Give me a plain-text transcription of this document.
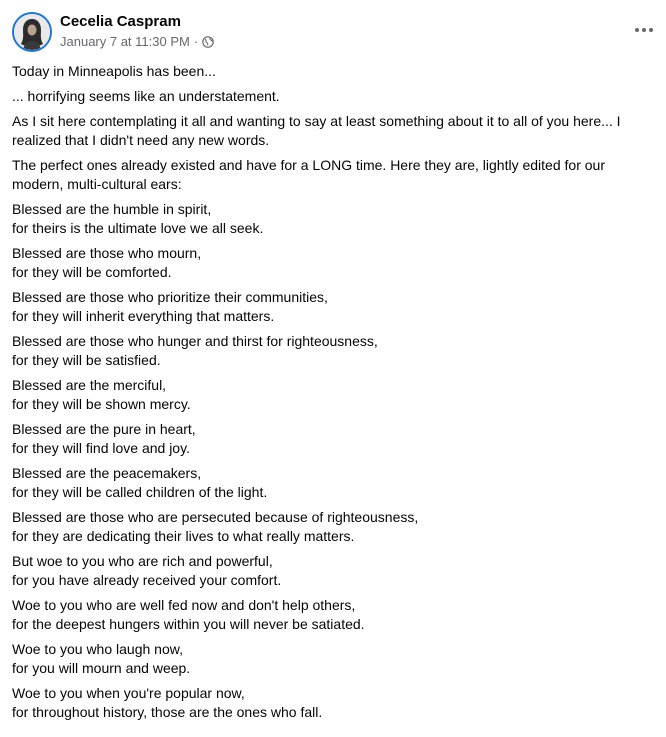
Cecelia Caspram
January 7 at 11:30 PM ·
Today in Minneapolis has been...
... horrifying seems like an understatement.
As I sit here contemplating it all and wanting to say at least something about it to all of you here... I realized that I didn't need any new words.
The perfect ones already existed and have for a LONG time. Here they are, lightly edited for our modern, multi-cultural ears:
Blessed are the humble in spirit,
for theirs is the ultimate love we all seek.
Blessed are those who mourn,
for they will be comforted.
Blessed are those who prioritize their communities,
for they will inherit everything that matters.
Blessed are those who hunger and thirst for righteousness,
for they will be satisfied.
Blessed are the merciful,
for they will be shown mercy.
Blessed are the pure in heart,
for they will find love and joy.
Blessed are the peacemakers,
for they will be called children of the light.
Blessed are those who are persecuted because of righteousness,
for they are dedicating their lives to what really matters.
But woe to you who are rich and powerful,
for you have already received your comfort.
Woe to you who are well fed now and don't help others,
for the deepest hungers within you will never be satiated.
Woe to you who laugh now,
for you will mourn and weep.
Woe to you when you're popular now,
for throughout history, those are the ones who fall.
